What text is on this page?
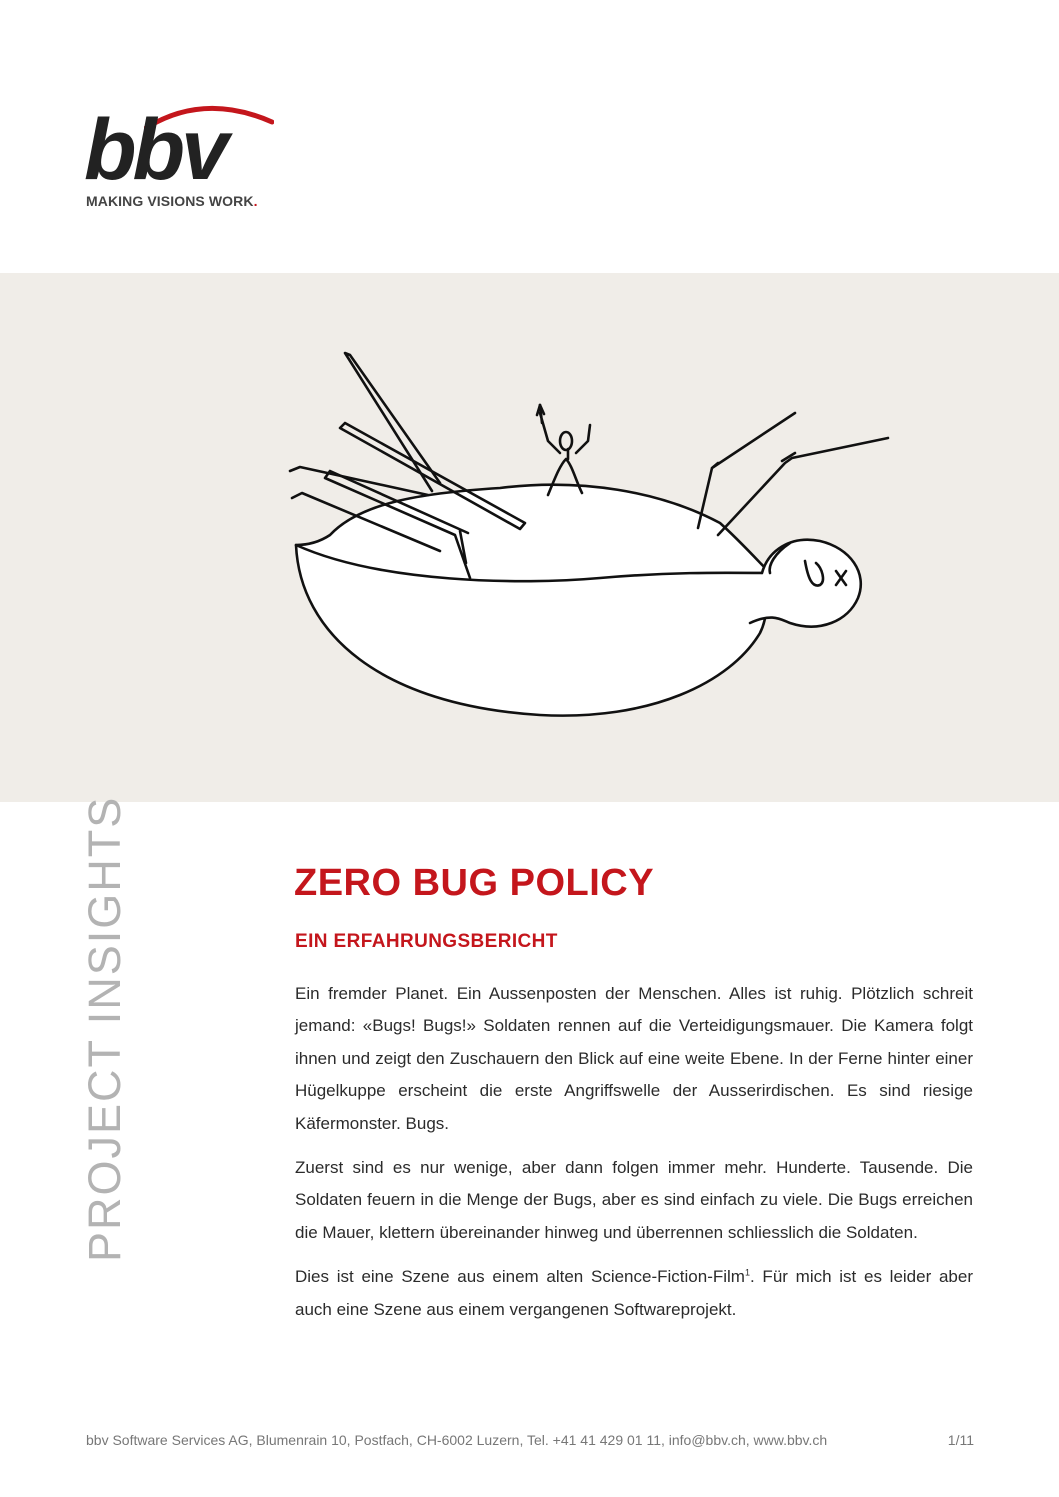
bbv
MAKING VISIONS WORK.
PROJECT INSIGHTS	ZERO BUG POLICY
EIN ERFAHRUNGSBERICHT

Ein fremder Planet. Ein Aussenposten der Menschen. Alles ist ruhig. Plötzlich schreit jemand: «Bugs! Bugs!» Soldaten rennen auf die Verteidigungsmauer. Die Kamera folgt ihnen und zeigt den Zuschauern den Blick auf eine weite Ebene. In der Ferne hinter einer Hügelkuppe erscheint die erste Angriffswelle der Ausserirdischen. Es sind riesige Käfermonster. Bugs.

Zuerst sind es nur wenige, aber dann folgen immer mehr. Hunderte. Tausende. Die Soldaten feuern in die Menge der Bugs, aber es sind einfach zu viele. Die Bugs erreichen die Mauer, klettern übereinander hinweg und überrennen schliesslich die Soldaten.

Dies ist eine Szene aus einem alten Science-Fiction-Film$^1$. Für mich ist es leider aber auch eine Szene aus einem vergangenen Softwareprojekt.

bbv Software Services AG, Blumenrain 10, Postfach, CH-6002 Luzern, Tel. +41 41 429 01 11, info@bbv.ch, www.bbv.ch	1/11
